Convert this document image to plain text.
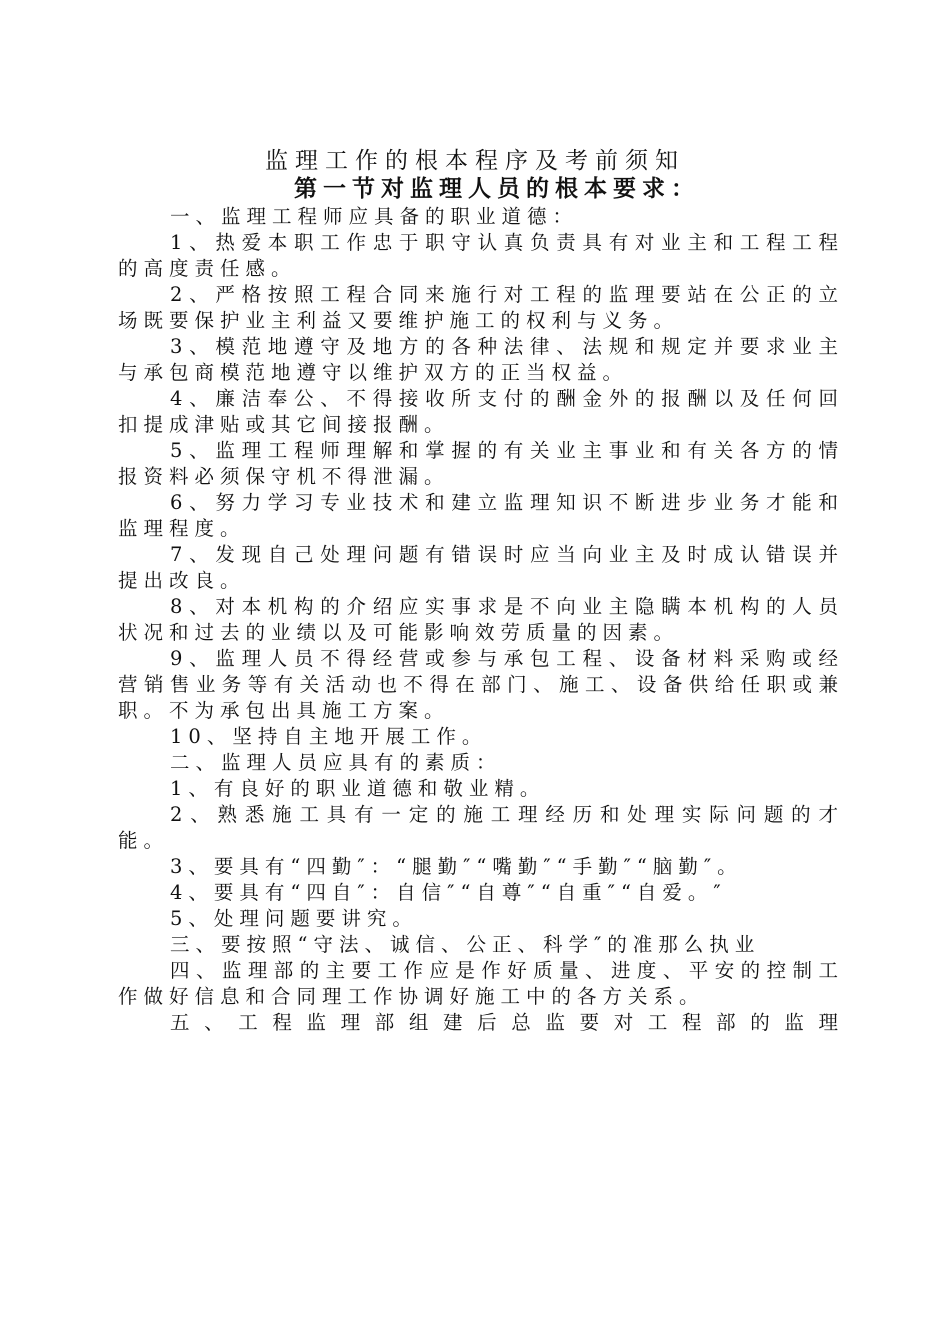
监理工作的根本程序及考前须知
第一节对监理人员的根本要求：

一、监理工程师应具备的职业道德：

1、热爱本职工作忠于职守认真负责具有对业主和工程工程的高度责任感。

2、严格按照工程合同来施行对工程的监理要站在公正的立场既要保护业主利益又要维护施工的权利与义务。

3、模范地遵守及地方的各种法律、法规和规定并要求业主与承包商模范地遵守以维护双方的正当权益。

4、廉洁奉公、不得接收所支付的酬金外的报酬以及任何回扣提成津贴或其它间接报酬。

5、监理工程师理解和掌握的有关业主事业和有关各方的情报资料必须保守机不得泄漏。

6、努力学习专业技术和建立监理知识不断进步业务才能和监理程度。

7、发现自己处理问题有错误时应当向业主及时成认错误并提出改良。

8、对本机构的介绍应实事求是不向业主隐瞒本机构的人员状况和过去的业绩以及可能影响效劳质量的因素。

9、监理人员不得经营或参与承包工程、设备材料采购或经营销售业务等有关活动也不得在部门、施工、设备供给任职或兼职。不为承包出具施工方案。

10、坚持自主地开展工作。

二、监理人员应具有的素质：

1、有良好的职业道德和敬业精。

2、熟悉施工具有一定的施工理经历和处理实际问题的才能。

3、要具有“四勤″：“腿勤″“嘴勤″“手勤″“脑勤″。

4、要具有“四自″：自信″“自尊″“自重″“自爱。″

5、处理问题要讲究。

三、要按照“守法、诚信、公正、科学″的准那么执业

四、监理部的主要工作应是作好质量、进度、平安的控制工作做好信息和合同理工作协调好施工中的各方关系。

五、工程监理部组建后总监要对工程部的监理
